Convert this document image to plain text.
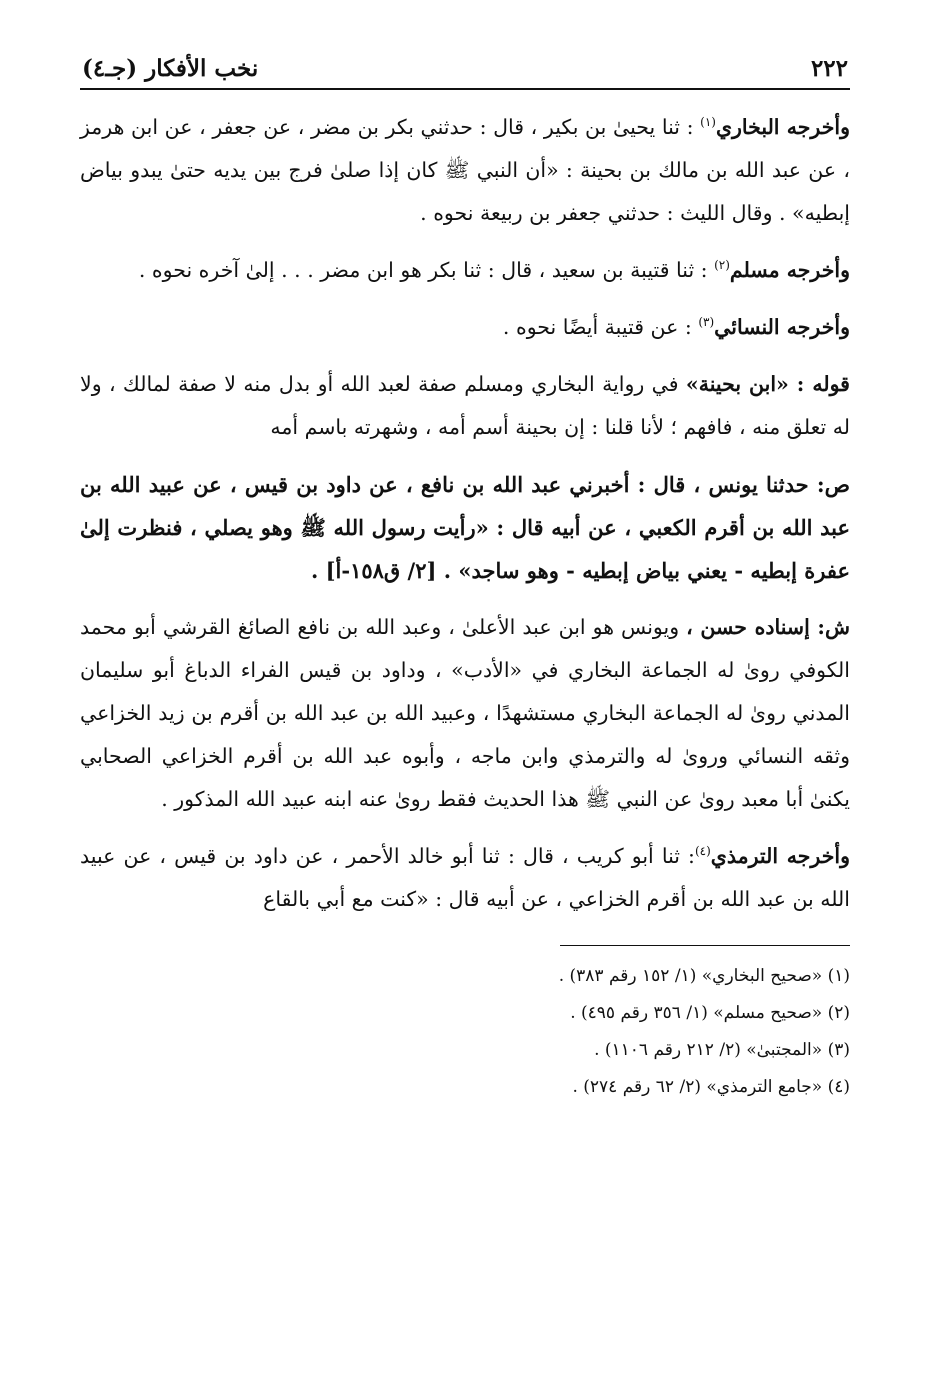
٢٢٢
نخب الأفكار (جـ٤)

وأخرجه البخاري$^{(١)}$ : ثنا يحيىٰ بن بكير ، قال : حدثني بكر بن مضر ، عن جعفر ، عن ابن هرمز ، عن عبد الله بن مالك بن بحينة : «أن النبي ﷺ كان إذا صلىٰ فرج بين يديه حتىٰ يبدو بياض إبطيه» . وقال الليث : حدثني جعفر بن ربيعة نحوه .

وأخرجه مسلم$^{(٢)}$ : ثنا قتيبة بن سعيد ، قال : ثنا بكر هو ابن مضر . . . إلىٰ آخره نحوه .

وأخرجه النسائي$^{(٣)}$ : عن قتيبة أيضًا نحوه .

قوله : «ابن بحينة» في رواية البخاري ومسلم صفة لعبد الله أو بدل منه لا صفة لمالك ، ولا له تعلق منه ، فافهم ؛ لأنا قلنا : إن بحينة أسم أمه ، وشهرته باسم أمه

ص: حدثنا يونس ، قال : أخبرني عبد الله بن نافع ، عن داود بن قيس ، عن عبيد الله بن عبد الله بن أقرم الكعبي ، عن أبيه قال : «رأيت رسول الله ﷺ وهو يصلي ، فنظرت إلىٰ عفرة إبطيه - يعني بياض إبطيه - وهو ساجد» . [٢/ ق١٥٨-أ] .

ش: إسناده حسن ، ويونس هو ابن عبد الأعلىٰ ، وعبد الله بن نافع الصائغ القرشي أبو محمد الكوفي روىٰ له الجماعة البخاري في «الأدب» ، وداود بن قيس الفراء الدباغ أبو سليمان المدني روىٰ له الجماعة البخاري مستشهدًا ، وعبيد الله بن عبد الله بن أقرم بن زيد الخزاعي وثقه النسائي وروىٰ له والترمذي وابن ماجه ، وأبوه عبد الله بن أقرم الخزاعي الصحابي يكنىٰ أبا معبد روىٰ عن النبي ﷺ هذا الحديث فقط روىٰ عنه ابنه عبيد الله المذكور .

وأخرجه الترمذي$^{(٤)}$: ثنا أبو كريب ، قال : ثنا أبو خالد الأحمر ، عن داود بن قيس ، عن عبيد الله بن عبد الله بن أقرم الخزاعي ، عن أبيه قال : «كنت مع أبي بالقاع

(١) «صحيح البخاري» (١/ ١٥٢ رقم ٣٨٣) .
(٢) «صحيح مسلم» (١/ ٣٥٦ رقم ٤٩٥) .
(٣) «المجتبىٰ» (٢/ ٢١٢ رقم ١١٠٦) .
(٤) «جامع الترمذي» (٢/ ٦٢ رقم ٢٧٤) .
